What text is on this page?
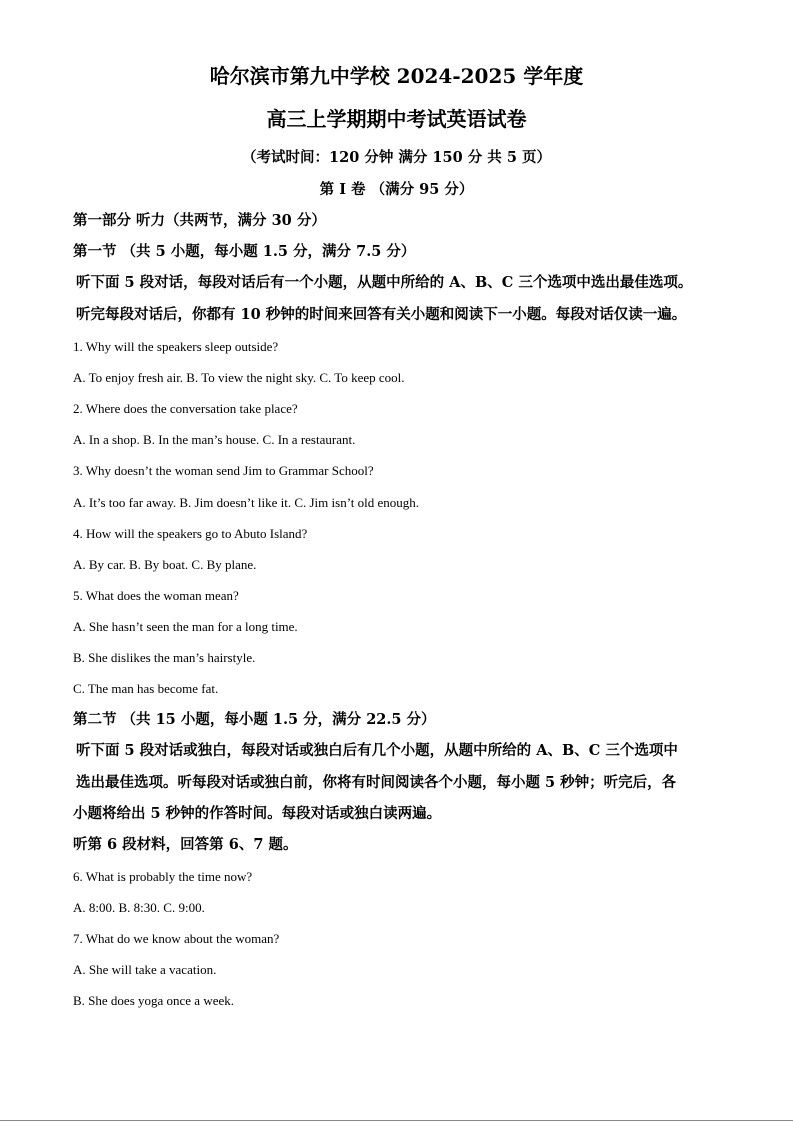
哈尔滨市第九中学校 2024-2025 学年度
高三上学期期中考试英语试卷
（考试时间：120 分钟 满分 150 分 共 5 页）
第 I 卷 （满分 95 分）
第一部分 听力（共两节，满分 30 分）
第一节 （共 5 小题，每小题 1.5 分，满分 7.5 分）
听下面 5 段对话，每段对话后有一个小题，从题中所给的 A、B、C 三个选项中选出最佳选项。
听完每段对话后，你都有 10 秒钟的时间来回答有关小题和阅读下一小题。每段对话仅读一遍。
1. Why will the speakers sleep outside?
A. To enjoy fresh air. B. To view the night sky. C. To keep cool.
2. Where does the conversation take place?
A. In a shop. B. In the man’s house. C. In a restaurant.
3. Why doesn’t the woman send Jim to Grammar School?
A. It’s too far away. B. Jim doesn’t like it. C. Jim isn’t old enough.
4. How will the speakers go to Abuto Island?
A. By car. B. By boat. C. By plane.
5. What does the woman mean?
A. She hasn’t seen the man for a long time.
B. She dislikes the man’s hairstyle.
C. The man has become fat.
第二节 （共 15 小题，每小题 1.5 分，满分 22.5 分）
听下面 5 段对话或独白，每段对话或独白后有几个小题，从题中所给的 A、B、C 三个选项中
选出最佳选项。听每段对话或独白前，你将有时间阅读各个小题，每小题 5 秒钟；听完后，各
小题将给出 5 秒钟的作答时间。每段对话或独白读两遍。
听第 6 段材料，回答第 6、7 题。
6. What is probably the time now?
A. 8:00. B. 8:30. C. 9:00.
7. What do we know about the woman?
A. She will take a vacation.
B. She does yoga once a week.
